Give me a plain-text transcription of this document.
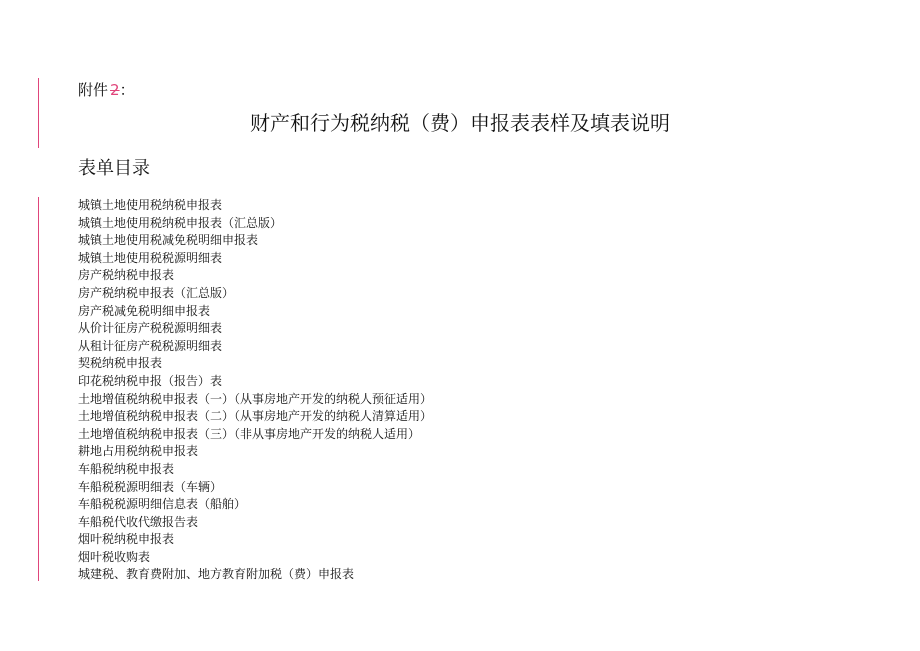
附件 2：
财产和行为税纳税（费）申报表表样及填表说明
表单目录
城镇土地使用税纳税申报表
城镇土地使用税纳税申报表（汇总版）
城镇土地使用税减免税明细申报表
城镇土地使用税税源明细表
房产税纳税申报表
房产税纳税申报表（汇总版）
房产税减免税明细申报表
从价计征房产税税源明细表
从租计征房产税税源明细表
契税纳税申报表
印花税纳税申报（报告）表
土地增值税纳税申报表（一）（从事房地产开发的纳税人预征适用）
土地增值税纳税申报表（二）（从事房地产开发的纳税人清算适用）
土地增值税纳税申报表（三）（非从事房地产开发的纳税人适用）
耕地占用税纳税申报表
车船税纳税申报表
车船税税源明细表（车辆）
车船税税源明细信息表（船舶）
车船税代收代缴报告表
烟叶税纳税申报表
烟叶税收购表
城建税、教育费附加、地方教育附加税（费）申报表
